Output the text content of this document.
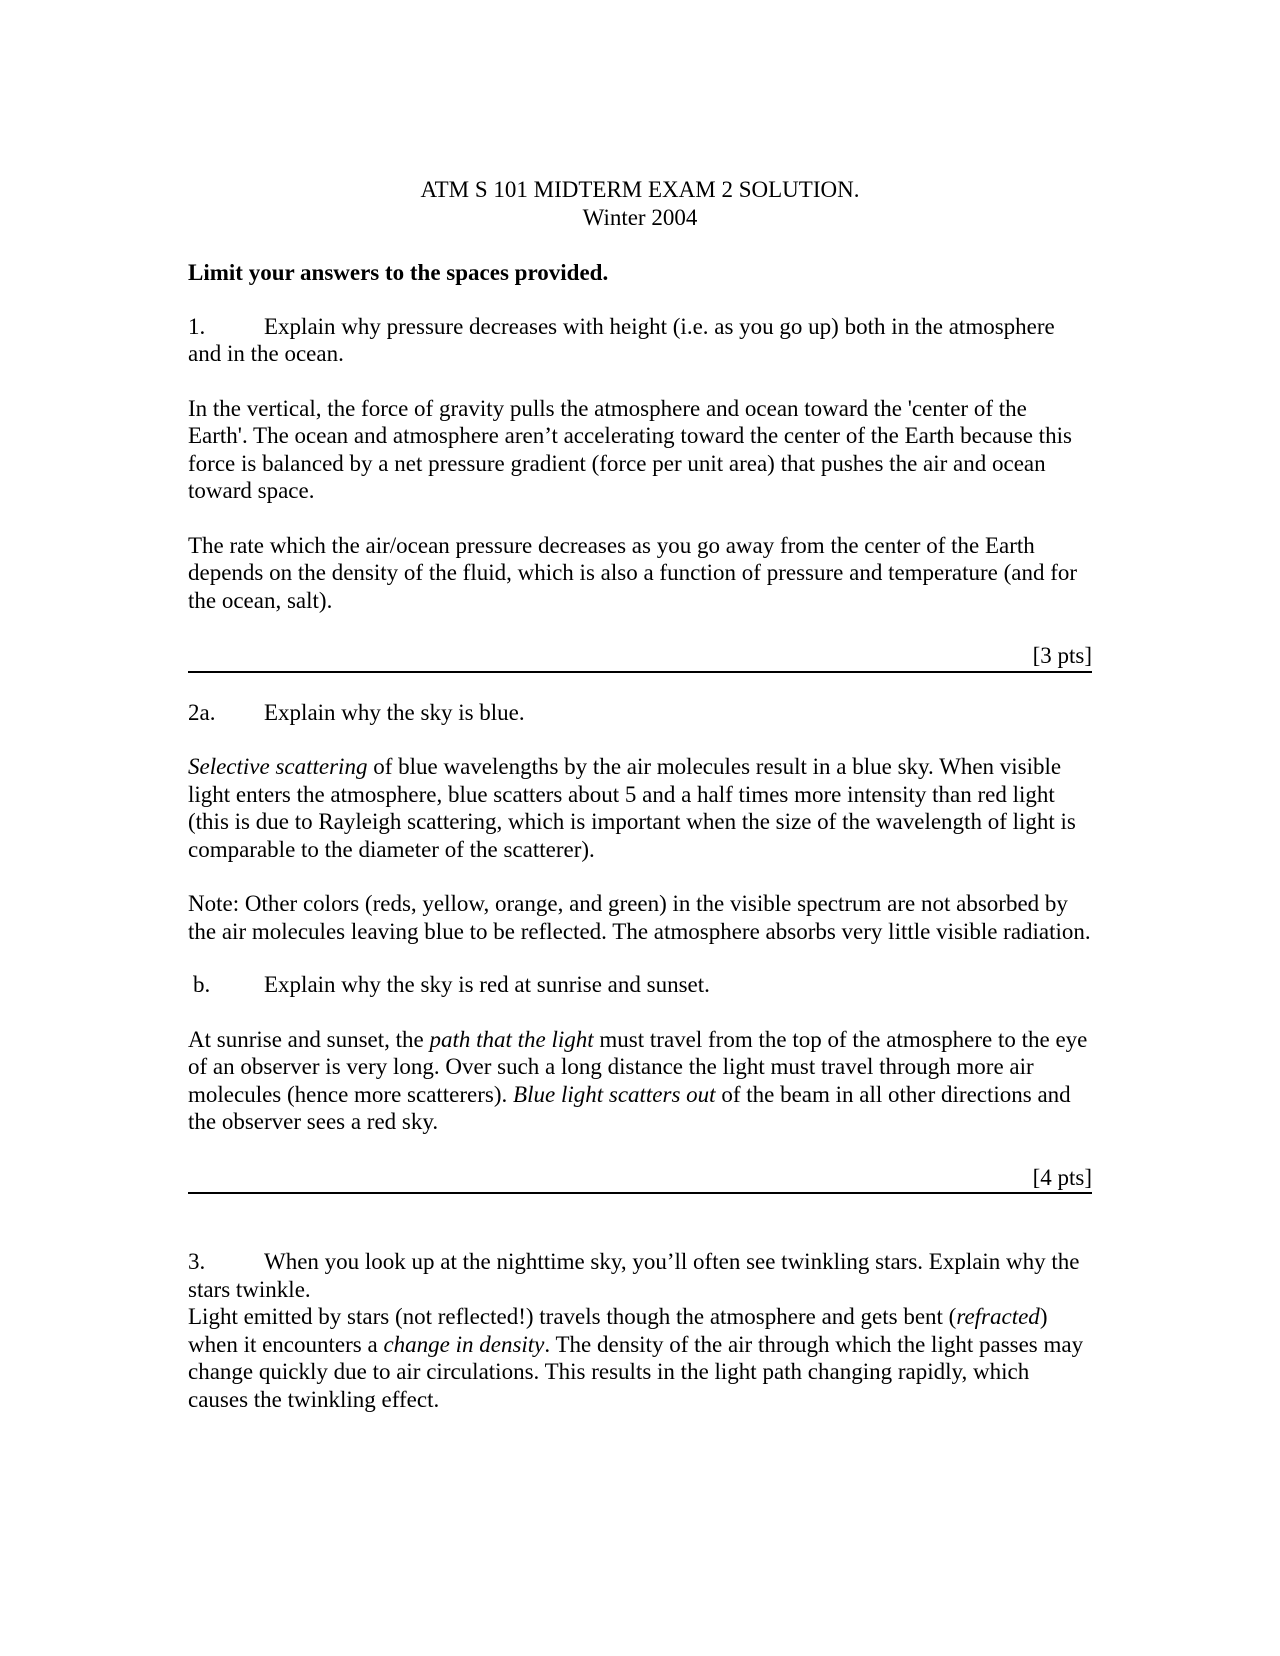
ATM S 101 MIDTERM EXAM 2 SOLUTION.

Winter 2004

Limit your answers to the spaces provided.

1.	Explain why pressure decreases with height (i.e. as you go up) both in the atmosphere and in the ocean.

In the vertical, the force of gravity pulls the atmosphere and ocean toward the 'center of the Earth'. The ocean and atmosphere aren’t accelerating toward the center of the Earth because this force is balanced by a net pressure gradient (force per unit area) that pushes the air and ocean toward space.

The rate which the air/ocean pressure decreases as you go away from the center of the Earth depends on the density of the fluid, which is also a function of pressure and temperature (and for the ocean, salt).

[3 pts]

2a. Explain why the sky is blue.

Selective scattering of blue wavelengths by the air molecules result in a blue sky. When visible light enters the atmosphere, blue scatters about 5 and a half times more intensity than red light (this is due to Rayleigh scattering, which is important when the size of the wavelength of light is comparable to the diameter of the scatterer).

Note: Other colors (reds, yellow, orange, and green) in the visible spectrum are not absorbed by the air molecules leaving blue to be reflected. The atmosphere absorbs very little visible radiation.

b. Explain why the sky is red at sunrise and sunset.

At sunrise and sunset, the path that the light must travel from the top of the atmosphere to the eye of an observer is very long. Over such a long distance the light must travel through more air molecules (hence more scatterers). Blue light scatters out of the beam in all other directions and the observer sees a red sky.

[4 pts]

3.	When you look up at the nighttime sky, you’ll often see twinkling stars. Explain why the stars twinkle.

Light emitted by stars (not reflected!) travels though the atmosphere and gets bent (refracted) when it encounters a change in density. The density of the air through which the light passes may change quickly due to air circulations. This results in the light path changing rapidly, which causes the twinkling effect.
